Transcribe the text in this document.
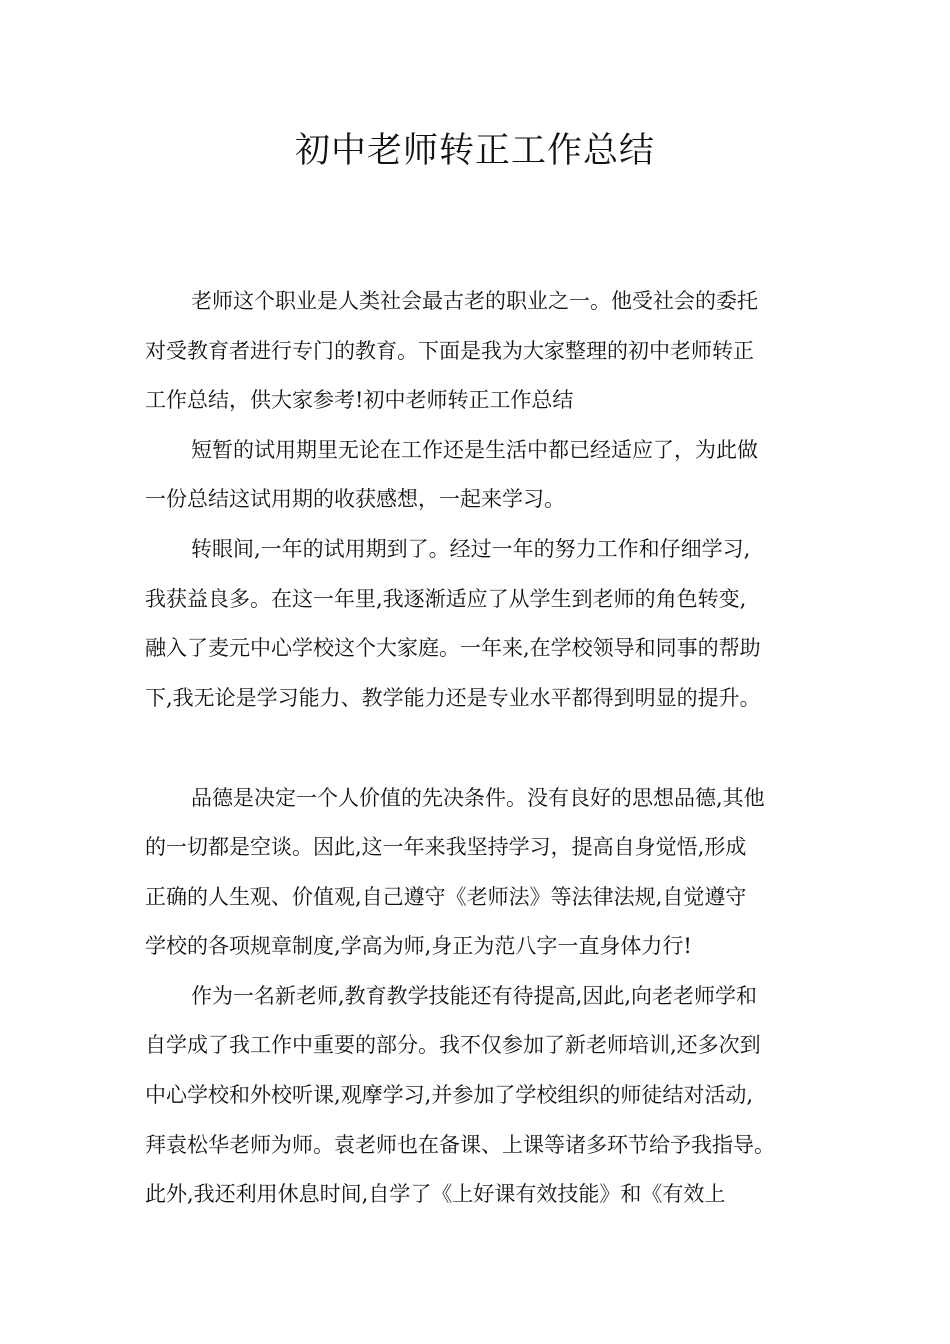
初中老师转正工作总结

老师这个职业是人类社会最古老的职业之一。他受社会的委托

对受教育者进行专门的教育。下面是我为大家整理的初中老师转正

工作总结，供大家参考!初中老师转正工作总结

短暂的试用期里无论在工作还是生活中都已经适应了，为此做

一份总结这试用期的收获感想，一起来学习。

转眼间,一年的试用期到了。经过一年的努力工作和仔细学习,

我获益良多。在这一年里,我逐渐适应了从学生到老师的角色转变,

融入了麦元中心学校这个大家庭。一年来,在学校领导和同事的帮助

下,我无论是学习能力、教学能力还是专业水平都得到明显的提升。

品德是决定一个人价值的先决条件。没有良好的思想品德,其他

的一切都是空谈。因此,这一年来我坚持学习，提高自身觉悟,形成

正确的人生观、价值观,自己遵守《老师法》等法律法规,自觉遵守

学校的各项规章制度,学高为师,身正为范八字一直身体力行!

作为一名新老师,教育教学技能还有待提高,因此,向老老师学和

自学成了我工作中重要的部分。我不仅参加了新老师培训,还多次到

中心学校和外校听课,观摩学习,并参加了学校组织的师徒结对活动,

拜袁松华老师为师。袁老师也在备课、上课等诸多环节给予我指导。

此外,我还利用休息时间,自学了《上好课有效技能》和《有效上
